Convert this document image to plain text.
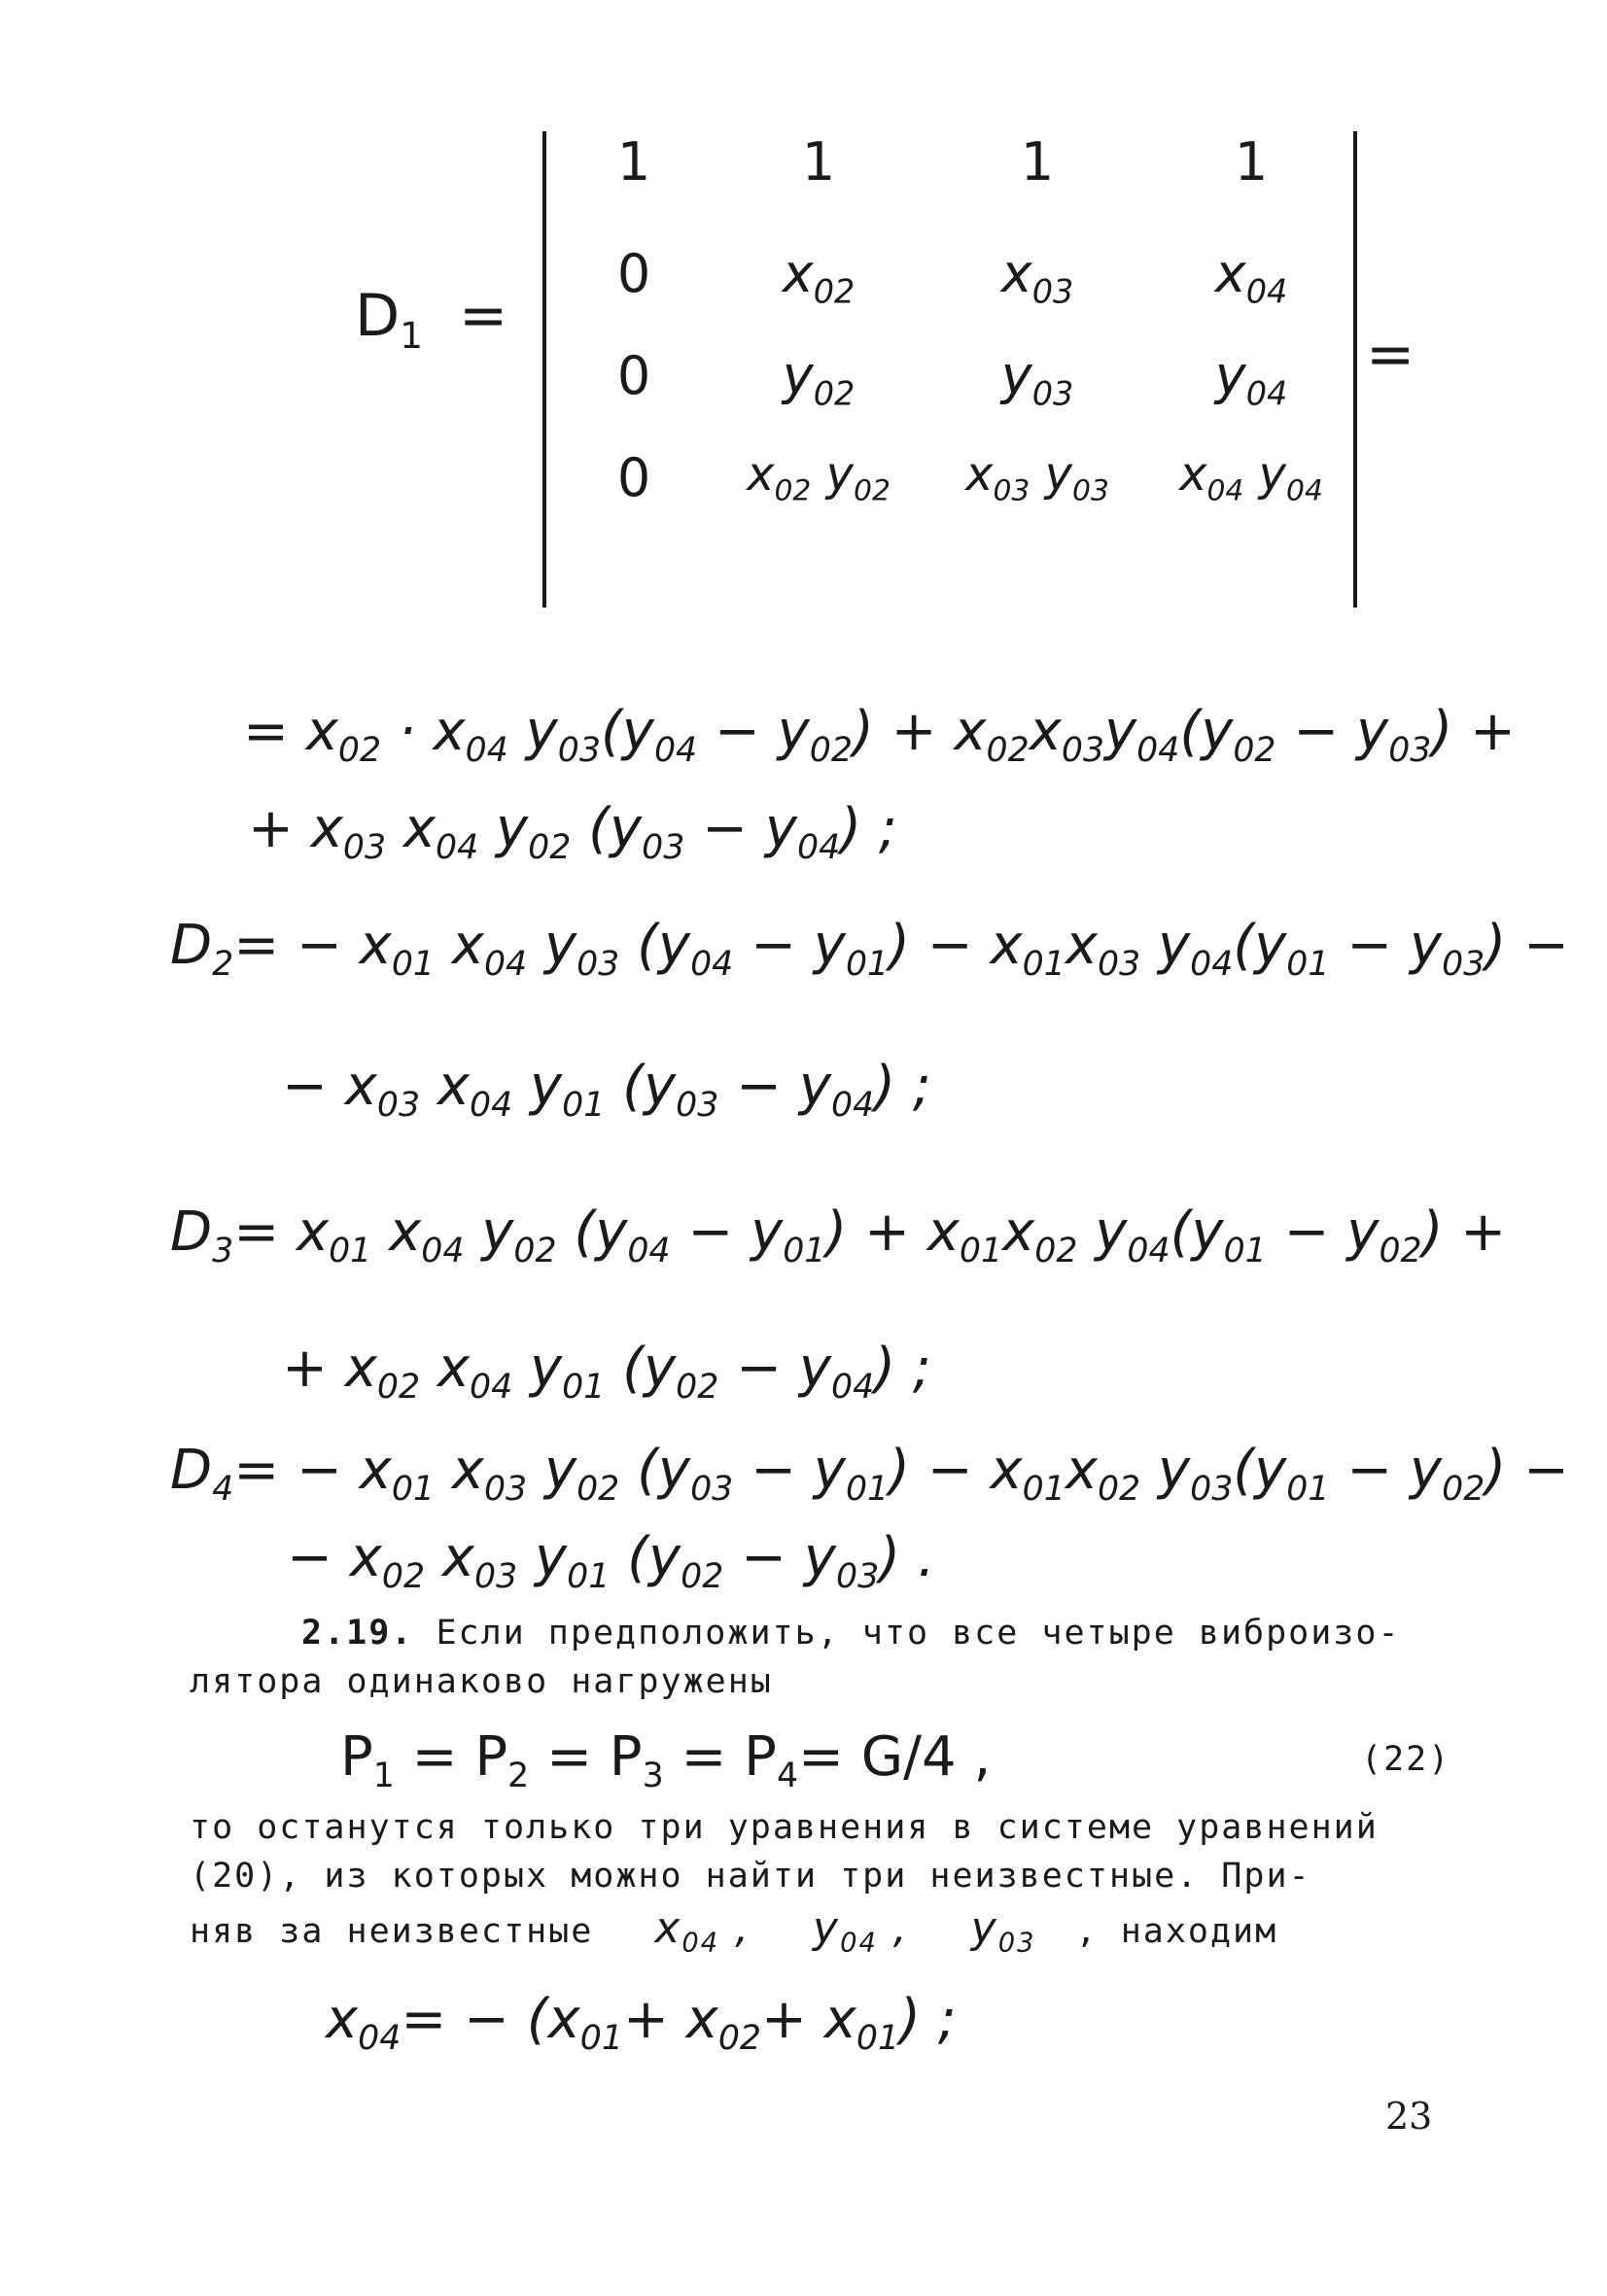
$D_1$ =
1	1	1	1
0	$x_{02}$	$x_{03}$	$x_{04}$
0	$y_{02}$	$y_{03}$	$y_{04}$
0	$x_{02}$ $y_{02}$	$x_{03}$ $y_{03}$	$x_{04}$ $y_{04}$
=
= $x_{02} \cdot x_{04}$ $y_{03}(y_{04} - y_{02}) + x_{02}x_{03}y_{04}(y_{02} - y_{03})$ +
+ $x_{03}$ $x_{04}$ $y_{02}$ $(y_{03} - y_{04})$ ;
$D_2= - x_{01}$ $x_{04}$ $y_{03}$ $(y_{04} - y_{01}) - x_{01}x_{03}$ $y_{04}(y_{01} - y_{03})$ −
− $x_{03}$ $x_{04}$ $y_{01}$ $(y_{03} - y_{04})$ ;
$D_3= x_{01}$ $x_{04}$ $y_{02}$ $(y_{04} - y_{01}) + x_{01}x_{02}$ $y_{04}(y_{01} - y_{02})$ +
+ $x_{02}$ $x_{04}$ $y_{01}$ $(y_{02} - y_{04})$ ;
$D_4= - x_{01}$ $x_{03}$ $y_{02}$ $(y_{03} - y_{01}) - x_{01}x_{02}$ $y_{03}(y_{01} - y_{02})$ −
− $x_{02}$ $x_{03}$ $y_{01}$ $(y_{02} - y_{03})$ .
2.19. Если предположить, что все четыре виброизо-
лятора одинаково нагружены
$P_1 = P_2 = P_3 = P_4= G/4$ ,	(22)
то останутся только три уравнения в системе уравнений
(20), из которых можно найти три неизвестные. При-
няв за неизвестные $x_{04}$ ,    $y_{04}$ ,    $y_{03}$ , находим
$x_{04}= - (x_{01}+ x_{02}+ x_{01})$ ;
23
